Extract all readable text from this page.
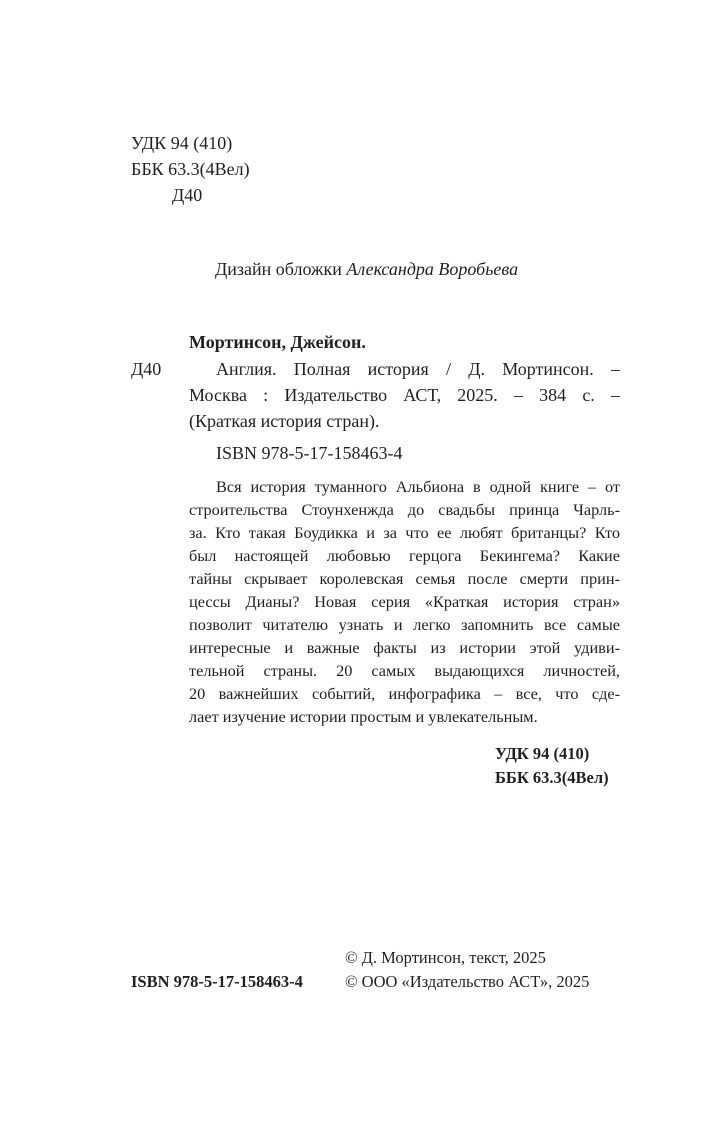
УДК 94 (410)
ББК 63.3(4Вел)
Д40
Дизайн обложки Александра Воробьева
Мортинсон, Джейсон.
Д40	Англия. Полная история / Д. Мортинсон. –
Москва : Издательство АСТ, 2025. – 384 с. –
(Краткая история стран).
ISBN 978-5-17-158463-4
Вся история туманного Альбиона в одной книге – от
строительства Стоунхенжда до свадьбы принца Чарль-
за. Кто такая Боудикка и за что ее любят британцы? Кто
был настоящей любовью герцога Бекингема? Какие
тайны скрывает королевская семья после смерти прин-
цессы Дианы? Новая серия «Краткая история стран»
позволит читателю узнать и легко запомнить все самые
интересные и важные факты из истории этой удиви-
тельной страны. 20 самых выдающихся личностей,
20 важнейших событий, инфографика – все, что сде-
лает изучение истории простым и увлекательным.
УДК 94 (410)
ББК 63.3(4Вел)
ISBN 978-5-17-158463-4
© Д. Мортинсон, текст, 2025
© ООО «Издательство АСТ», 2025
